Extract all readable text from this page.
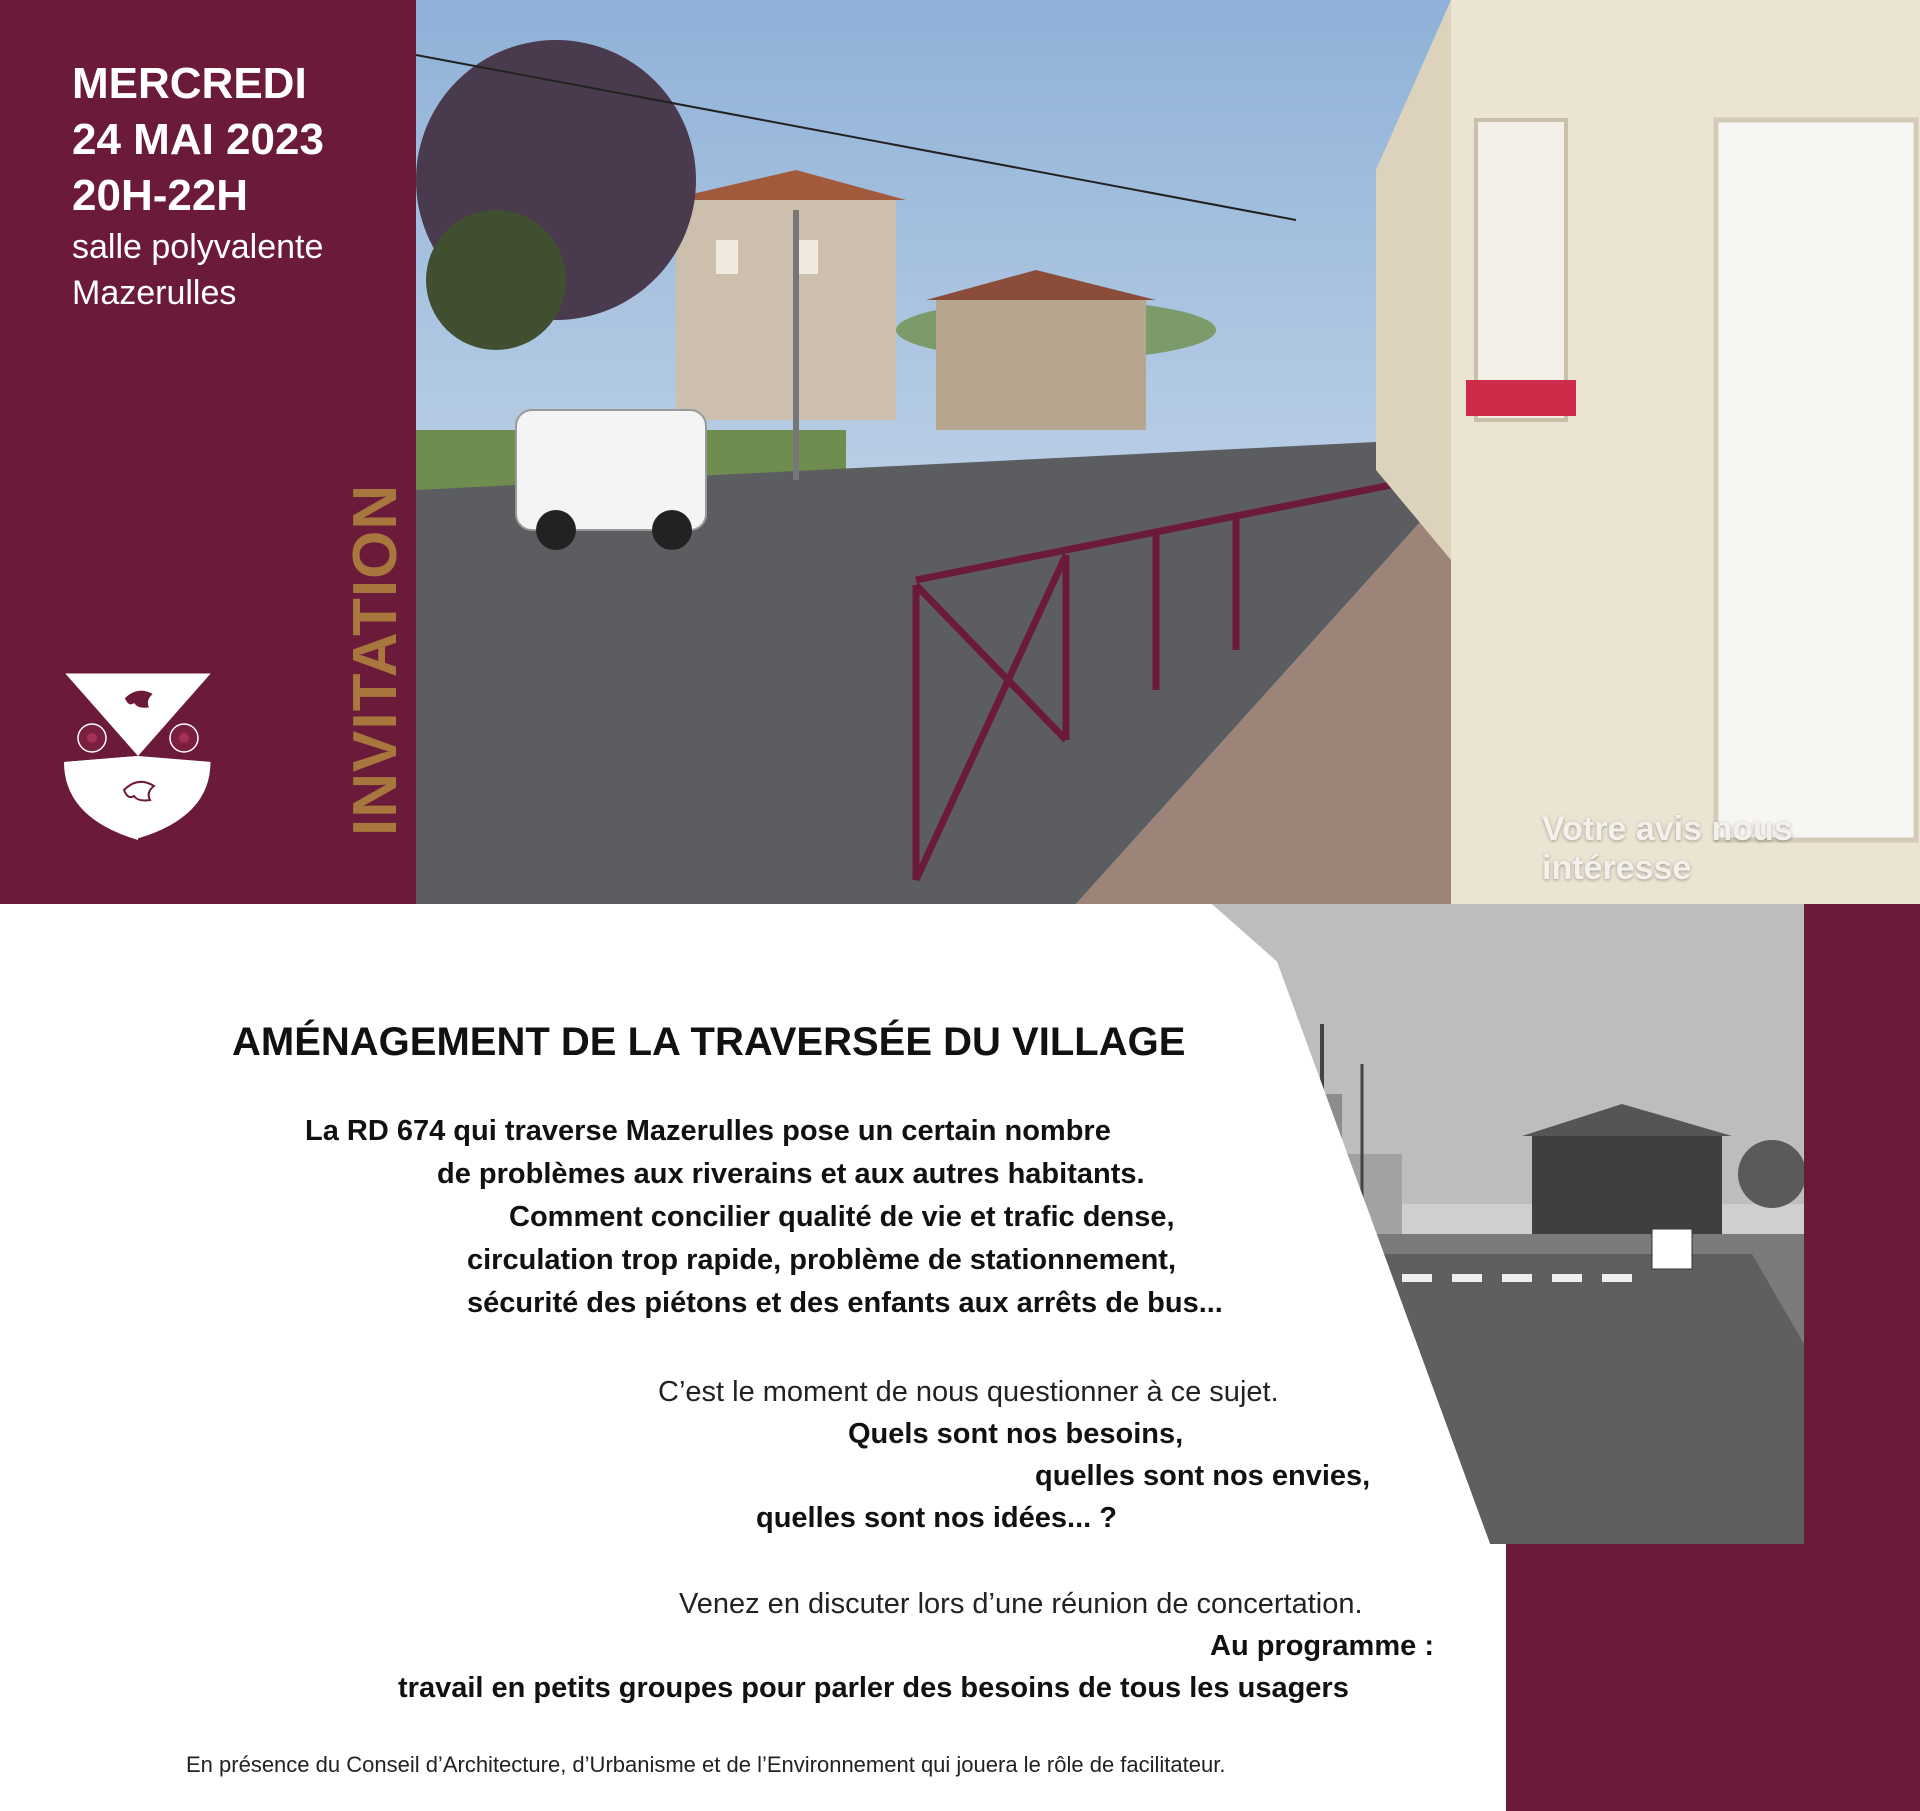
MERCREDI
24 MAI 2023
20H-22H
salle polyvalente
Mazerulles
INVITATION	Votre avis nous intéresse
AMÉNAGEMENT DE LA TRAVERSÉE DU VILLAGE
La RD 674 qui traverse Mazerulles pose un certain nombre
de problèmes aux riverains et aux autres habitants.
Comment concilier qualité de vie et trafic dense,
circulation trop rapide, problème de stationnement,
sécurité des piétons et des enfants aux arrêts de bus...
C’est le moment de nous questionner à ce sujet.
Quels sont nos besoins,
quelles sont nos envies,
quelles sont nos idées... ?
Venez en discuter lors d’une réunion de concertation.
Au programme :
travail en petits groupes pour parler des besoins de tous les usagers
En présence du Conseil d’Architecture, d’Urbanisme et de l’Environnement qui jouera le rôle de facilitateur.
